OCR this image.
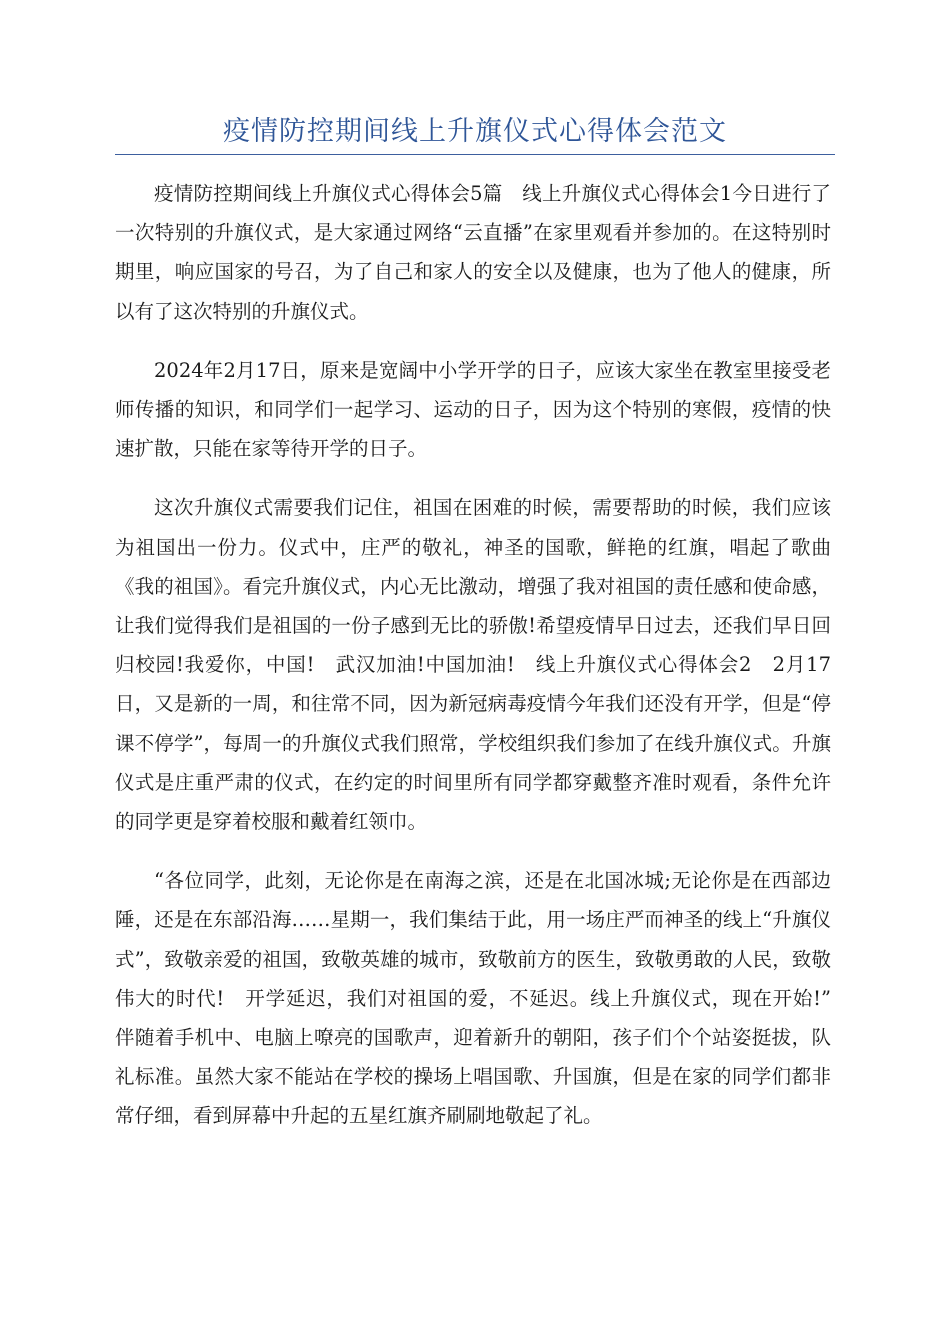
疫情防控期间线上升旗仪式心得体会范文

疫情防控期间线上升旗仪式心得体会5篇　线上升旗仪式心得体会1今日进行了一次特别的升旗仪式，是大家通过网络“云直播”在家里观看并参加的。在这特别时期里，响应国家的号召，为了自己和家人的安全以及健康，也为了他人的健康，所以有了这次特别的升旗仪式。

2024年2月17日，原来是宽阔中小学开学的日子，应该大家坐在教室里接受老师传播的知识，和同学们一起学习、运动的日子，因为这个特别的寒假，疫情的快速扩散，只能在家等待开学的日子。

这次升旗仪式需要我们记住，祖国在困难的时候，需要帮助的时候，我们应该为祖国出一份力。仪式中，庄严的敬礼，神圣的国歌，鲜艳的红旗，唱起了歌曲《我的祖国》。看完升旗仪式，内心无比激动，增强了我对祖国的责任感和使命感，让我们觉得我们是祖国的一份子感到无比的骄傲!希望疫情早日过去，还我们早日回归校园!我爱你，中国!　武汉加油!中国加油!　线上升旗仪式心得体会2　2月17日，又是新的一周，和往常不同，因为新冠病毒疫情今年我们还没有开学，但是“停课不停学”，每周一的升旗仪式我们照常，学校组织我们参加了在线升旗仪式。升旗仪式是庄重严肃的仪式，在约定的时间里所有同学都穿戴整齐准时观看，条件允许的同学更是穿着校服和戴着红领巾。

“各位同学，此刻，无论你是在南海之滨，还是在北国冰城;无论你是在西部边陲，还是在东部沿海……星期一，我们集结于此，用一场庄严而神圣的线上“升旗仪式”，致敬亲爱的祖国，致敬英雄的城市，致敬前方的医生，致敬勇敢的人民，致敬伟大的时代!　开学延迟，我们对祖国的爱，不延迟。线上升旗仪式，现在开始!”　伴随着手机中、电脑上嘹亮的国歌声，迎着新升的朝阳，孩子们个个站姿挺拔，队礼标准。虽然大家不能站在学校的操场上唱国歌、升国旗，但是在家的同学们都非常仔细，看到屏幕中升起的五星红旗齐刷刷地敬起了礼。
